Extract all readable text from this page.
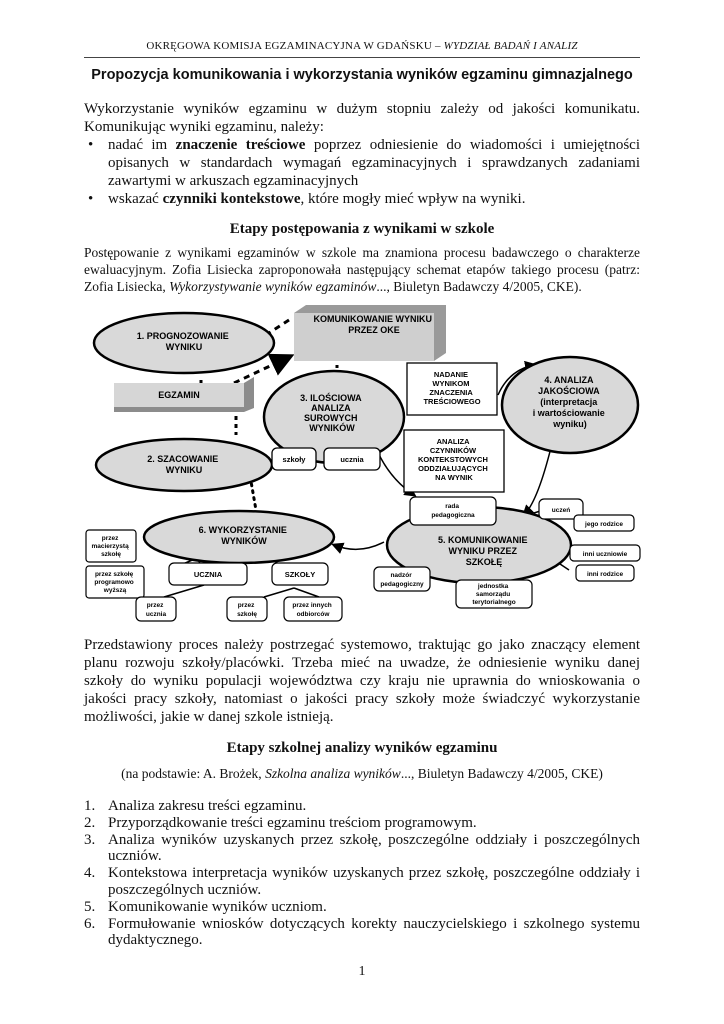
OKRĘGOWA KOMISJA EGZAMINACYJNA W GDAŃSKU – WYDZIAŁ BADAŃ I ANALIZ
Propozycja komunikowania i wykorzystania wyników egzaminu gimnazjalnego
Wykorzystanie wyników egzaminu w dużym stopniu zależy od jakości komunikatu. Komunikując wyniki egzaminu, należy:
• nadać im znaczenie treściowe poprzez odniesienie do wiadomości i umiejętności opisanych w standardach wymagań egzaminacyjnych i sprawdzanych zadaniami zawartymi w arkuszach egzaminacyjnych
• wskazać czynniki kontekstowe, które mogły mieć wpływ na wyniki.
Etapy postępowania z wynikami w szkole
Postępowanie z wynikami egzaminów w szkole ma znamiona procesu badawczego o charakterze ewaluacyjnym. Zofia Lisiecka zaproponowała następujący schemat etapów takiego procesu (patrz: Zofia Lisiecka, Wykorzystywanie wyników egzaminów..., Biuletyn Badawczy 4/2005, CKE).
1. PROGNOZOWANIE WYNIKU
KOMUNIKOWANIE WYNIKU PRZEZ OKE
EGZAMIN
2. SZACOWANIE WYNIKU
3. ILOŚCIOWA ANALIZA SUROWYCH WYNIKÓW
szkoły	ucznia
NADANIE WYNIKOM ZNACZENIA TREŚCIOWEGO
ANALIZA CZYNNIKÓW KONTEKSTOWYCH ODDZIAŁUJĄCYCH NA WYNIK
4. ANALIZA JAKOŚCIOWA (interpretacja i wartościowanie wyniku)
6. WYKORZYSTANIE WYNIKÓW	5. KOMUNIKOWANIE WYNIKU PRZEZ SZKOŁĘ
przez macierzystą szkołę
przez szkołę programowo wyższą
UCZNIA	SZKOŁY
przez ucznia
przez szkołę
przez innych odbiorców
rada pedagogiczna
uczeń
jego rodzice
inni uczniowie
inni rodzice
nadzór pedagogiczny	jednostka samorządu terytorialnego
Przedstawiony proces należy postrzegać systemowo, traktując go jako znaczący element planu rozwoju szkoły/placówki. Trzeba mieć na uwadze, że odniesienie wyniku danej szkoły do wyniku populacji województwa czy kraju nie uprawnia do wnioskowania o jakości pracy szkoły, natomiast o jakości pracy szkoły może świadczyć wykorzystanie możliwości, jakie w danej szkole istnieją.
Etapy szkolnej analizy wyników egzaminu
(na podstawie: A. Brożek, Szkolna analiza wyników..., Biuletyn Badawczy 4/2005, CKE)
1. Analiza zakresu treści egzaminu.
2. Przyporządkowanie treści egzaminu treściom programowym.
3. Analiza wyników uzyskanych przez szkołę, poszczególne oddziały i poszczególnych uczniów.
4. Kontekstowa interpretacja wyników uzyskanych przez szkołę, poszczególne oddziały i poszczególnych uczniów.
5. Komunikowanie wyników uczniom.
6. Formułowanie wniosków dotyczących korekty nauczycielskiego i szkolnego systemu dydaktycznego.
1
